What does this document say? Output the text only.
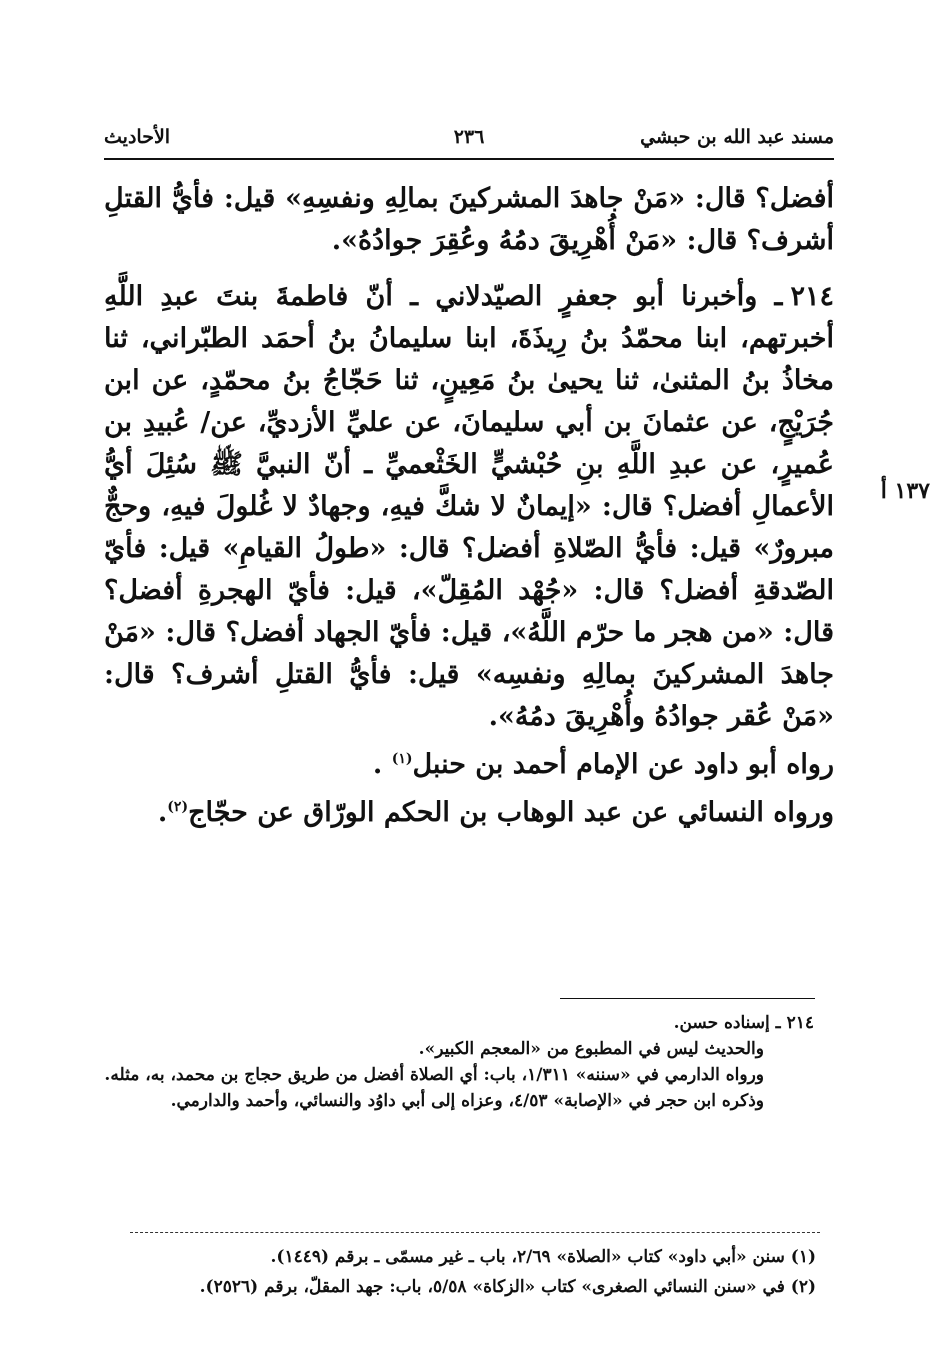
مسند عبد الله بن حبشي
٢٣٦
الأحاديث

أفضل؟ قال: «مَنْ جاهدَ المشركينَ بمالِهِ ونفسِهِ» قيل: فأيُّ القتلِ أشرف؟ قال: «مَنْ أُهْرِيقَ دمُهُ وعُقِرَ جوادُهُ».

٢١٤ـ وأخبرنا أبو جعفرٍ الصيّدلاني ـ أنّ فاطمةَ بنتَ عبدِ اللَّهِ أخبرتهم، ابنا محمّدُ بنُ رِيذَةَ، ابنا سليمانُ بنُ أحمَد الطبّراني، ثنا مخاذُ بنُ المثنىٰ، ثنا يحيىٰ بنُ مَعِينٍ، ثنا حَجّاجُ بنُ محمّدٍ، عن ابن جُرَيْجٍ، عن عثمانَ بن أبي سليمانَ، عن عليِّ الأزديِّ، عن/ عُبيدِ بن عُميرٍ، عن عبدِ اللَّهِ بنِ حُبْشيٍّ الخَثْعميِّ ـ أنّ النبيَّ ﷺ سُئِلَ أيُّ الأعمالِ أفضل؟ قال: «إيمانٌ لا شكَّ فيهِ، وجهادٌ لا غُلولَ فيهِ، وحجٌّ مبرورٌ» قيل: فأيُّ الصّلاةِ أفضل؟ قال: «طولُ القيامِ» قيل: فأيّ الصّدقةِ أفضل؟ قال: «جُهْد المُقِلّ»، قيل: فأيّ الهجرةِ أفضل؟ قال: «من هجر ما حرّم اللَّهُ»، قيل: فأيّ الجهاد أفضل؟ قال: «مَنْ جاهدَ المشركينَ بمالِهِ ونفسِه» قيل: فأيُّ القتلِ أشرف؟ قال: «مَنْ عُقر جوادُهُ وأُهْرِيقَ دمُهُ».

رواه أبو داود عن الإمام أحمد بن حنبل$^{(١)}$ .

ورواه النسائي عن عبد الوهاب بن الحكم الورّاق عن حجّاج$^{(٢)}$.

١٣٧ أ

٢١٤ ـ إسناده حسن.

والحديث ليس في المطبوع من «المعجم الكبير».

ورواه الدارمي في «سننه» ١/٣١١، باب: أي الصلاة أفضل من طريق حجاج بن محمد، به، مثله.

وذكره ابن حجر في «الإصابة» ٤/٥٣، وعزاه إلى أبي داوُد والنسائي، وأحمد والدارمي.

(١) سنن «أبي داود» كتاب «الصلاة» ٢/٦٩، باب ـ غير مسمّى ـ برقم (١٤٤٩).

(٢) في «سنن النسائي الصغرى» كتاب «الزكاة» ٥/٥٨، باب: جهد المقلّ، برقم (٢٥٢٦).
